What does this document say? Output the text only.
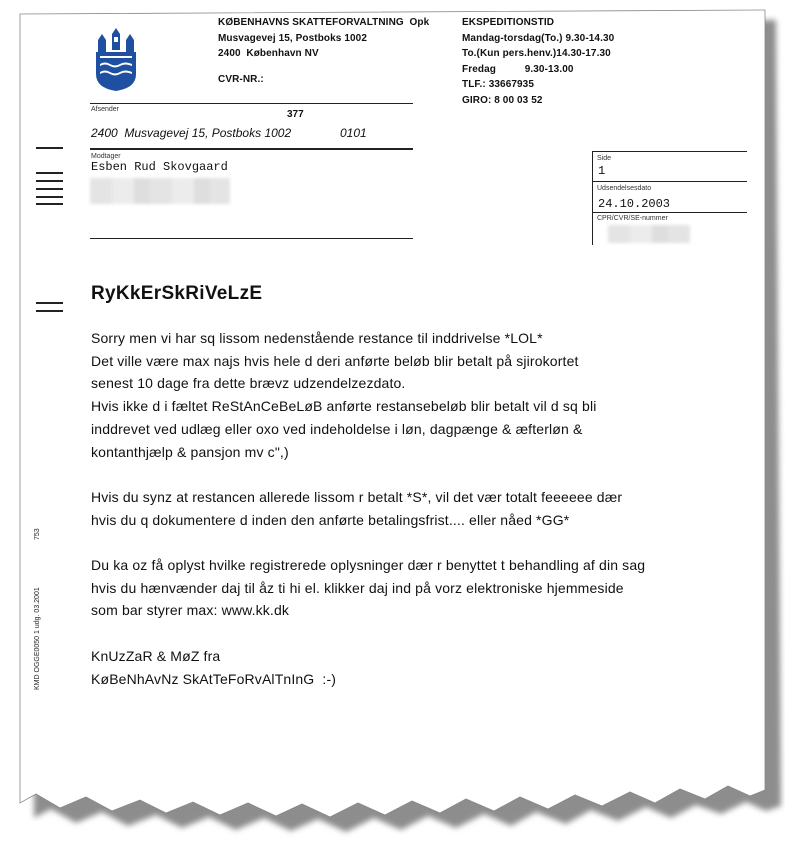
KØBENHAVNS SKATTEFORVALTNING  Opk
Musvagevej 15, Postboks 1002
2400  København NV
CVR-NR.:
EKSPEDITIONSTID
Mandag-torsdag(To.) 9.30-14.30
To.(Kun pers.henv.)14.30-17.30
Fredag          9.30-13.00
TLF.: 33667935
GIRO: 8 00 03 52
Afsender	377
2400  Musvagevej 15, Postboks 1002	0101
Modtager
Esben Rud Skovgaard
Side
1
Udsendelsesdato
24.10.2003
CPR/CVR/SE-nummer
RyKkErSkRiVeLzE
Sorry men vi har sq lissom nedenstående restance til inddrivelse *LOL*
Det ville være max najs hvis hele d deri anførte beløb blir betalt på sjirokortet
senest 10 dage fra dette brævz udzendelzezdato.
Hvis ikke d i fæltet ReStAnCeBeLøB anførte restansebeløb blir betalt vil d sq bli
inddrevet ved udlæg eller oxo ved indeholdelse i løn, dagpænge & æfterløn &
kontanthjælp & pansjon mv c",)
Hvis du synz at restancen allerede lissom r betalt *S*, vil det vær totalt feeeeee dær
hvis du q dokumentere d inden den anførte betalingsfrist.... eller nåed *GG*
Du ka oz få oplyst hvilke registrerede oplysninger dær r benyttet t behandling af din sag
hvis du hænvænder daj til åz ti hi el. klikker daj ind på vorz elektroniske hjemmeside
som bar styrer max: www.kk.dk
KnUzZaR & MøZ fra
KøBeNhAvNz SkAtTeFoRvAlTnInG  :-)
KMD OGGE0050 1 udg. 03.2001
753
